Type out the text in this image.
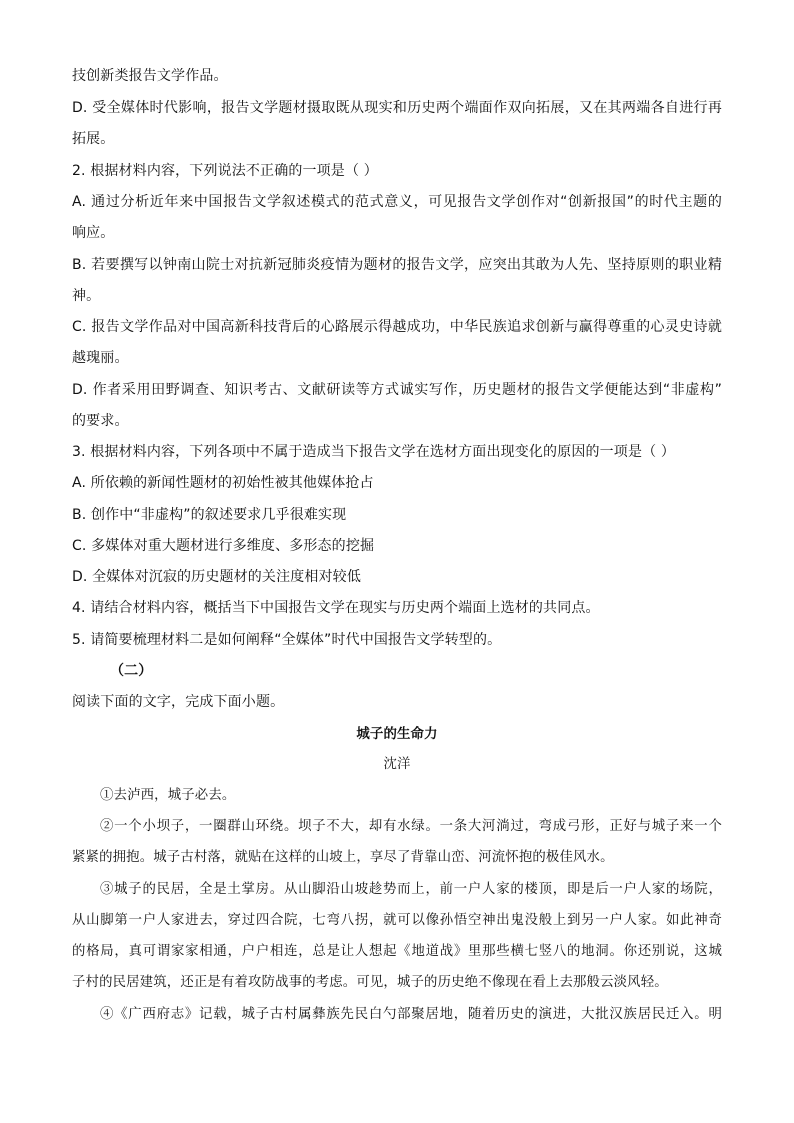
技创新类报告文学作品。
D. 受全媒体时代影响，报告文学题材摄取既从现实和历史两个端面作双向拓展，又在其两端各自进行再
拓展。
2. 根据材料内容，下列说法不正确的一项是（ ）
A. 通过分析近年来中国报告文学叙述模式的范式意义，可见报告文学创作对“创新报国”的时代主题的
响应。
B. 若要撰写以钟南山院士对抗新冠肺炎疫情为题材的报告文学，应突出其敢为人先、坚持原则的职业精
神。
C. 报告文学作品对中国高新科技背后的心路展示得越成功，中华民族追求创新与赢得尊重的心灵史诗就
越瑰丽。
D. 作者采用田野调查、知识考古、文献研读等方式诚实写作，历史题材的报告文学便能达到“非虚构”
的要求。
3. 根据材料内容，下列各项中不属于造成当下报告文学在选材方面出现变化的原因的一项是（ ）
A. 所依赖的新闻性题材的初始性被其他媒体抢占
B. 创作中“非虚构”的叙述要求几乎很难实现
C. 多媒体对重大题材进行多维度、多形态的挖掘
D. 全媒体对沉寂的历史题材的关注度相对较低
4. 请结合材料内容，概括当下中国报告文学在现实与历史两个端面上选材的共同点。
5. 请简要梳理材料二是如何阐释“全媒体”时代中国报告文学转型的。
（二）
阅读下面的文字，完成下面小题。
城子的生命力
沈洋
①去泸西，城子必去。
②一个小坝子，一圈群山环绕。坝子不大，却有水绿。一条大河淌过，弯成弓形，正好与城子来一个
紧紧的拥抱。城子古村落，就贴在这样的山坡上，享尽了背靠山峦、河流怀抱的极佳风水。
③城子的民居，全是土掌房。从山脚沿山坡趁势而上，前一户人家的楼顶，即是后一户人家的场院，
从山脚第一户人家进去，穿过四合院，七弯八拐，就可以像孙悟空神出鬼没般上到另一户人家。如此神奇
的格局，真可谓家家相通，户户相连，总是让人想起《地道战》里那些横七竖八的地洞。你还别说，这城
子村的民居建筑，还正是有着攻防战事的考虑。可见，城子的历史绝不像现在看上去那般云淡风轻。
④《广西府志》记载，城子古村属彝族先民白勺部聚居地，随着历史的演进，大批汉族居民迁入。明
